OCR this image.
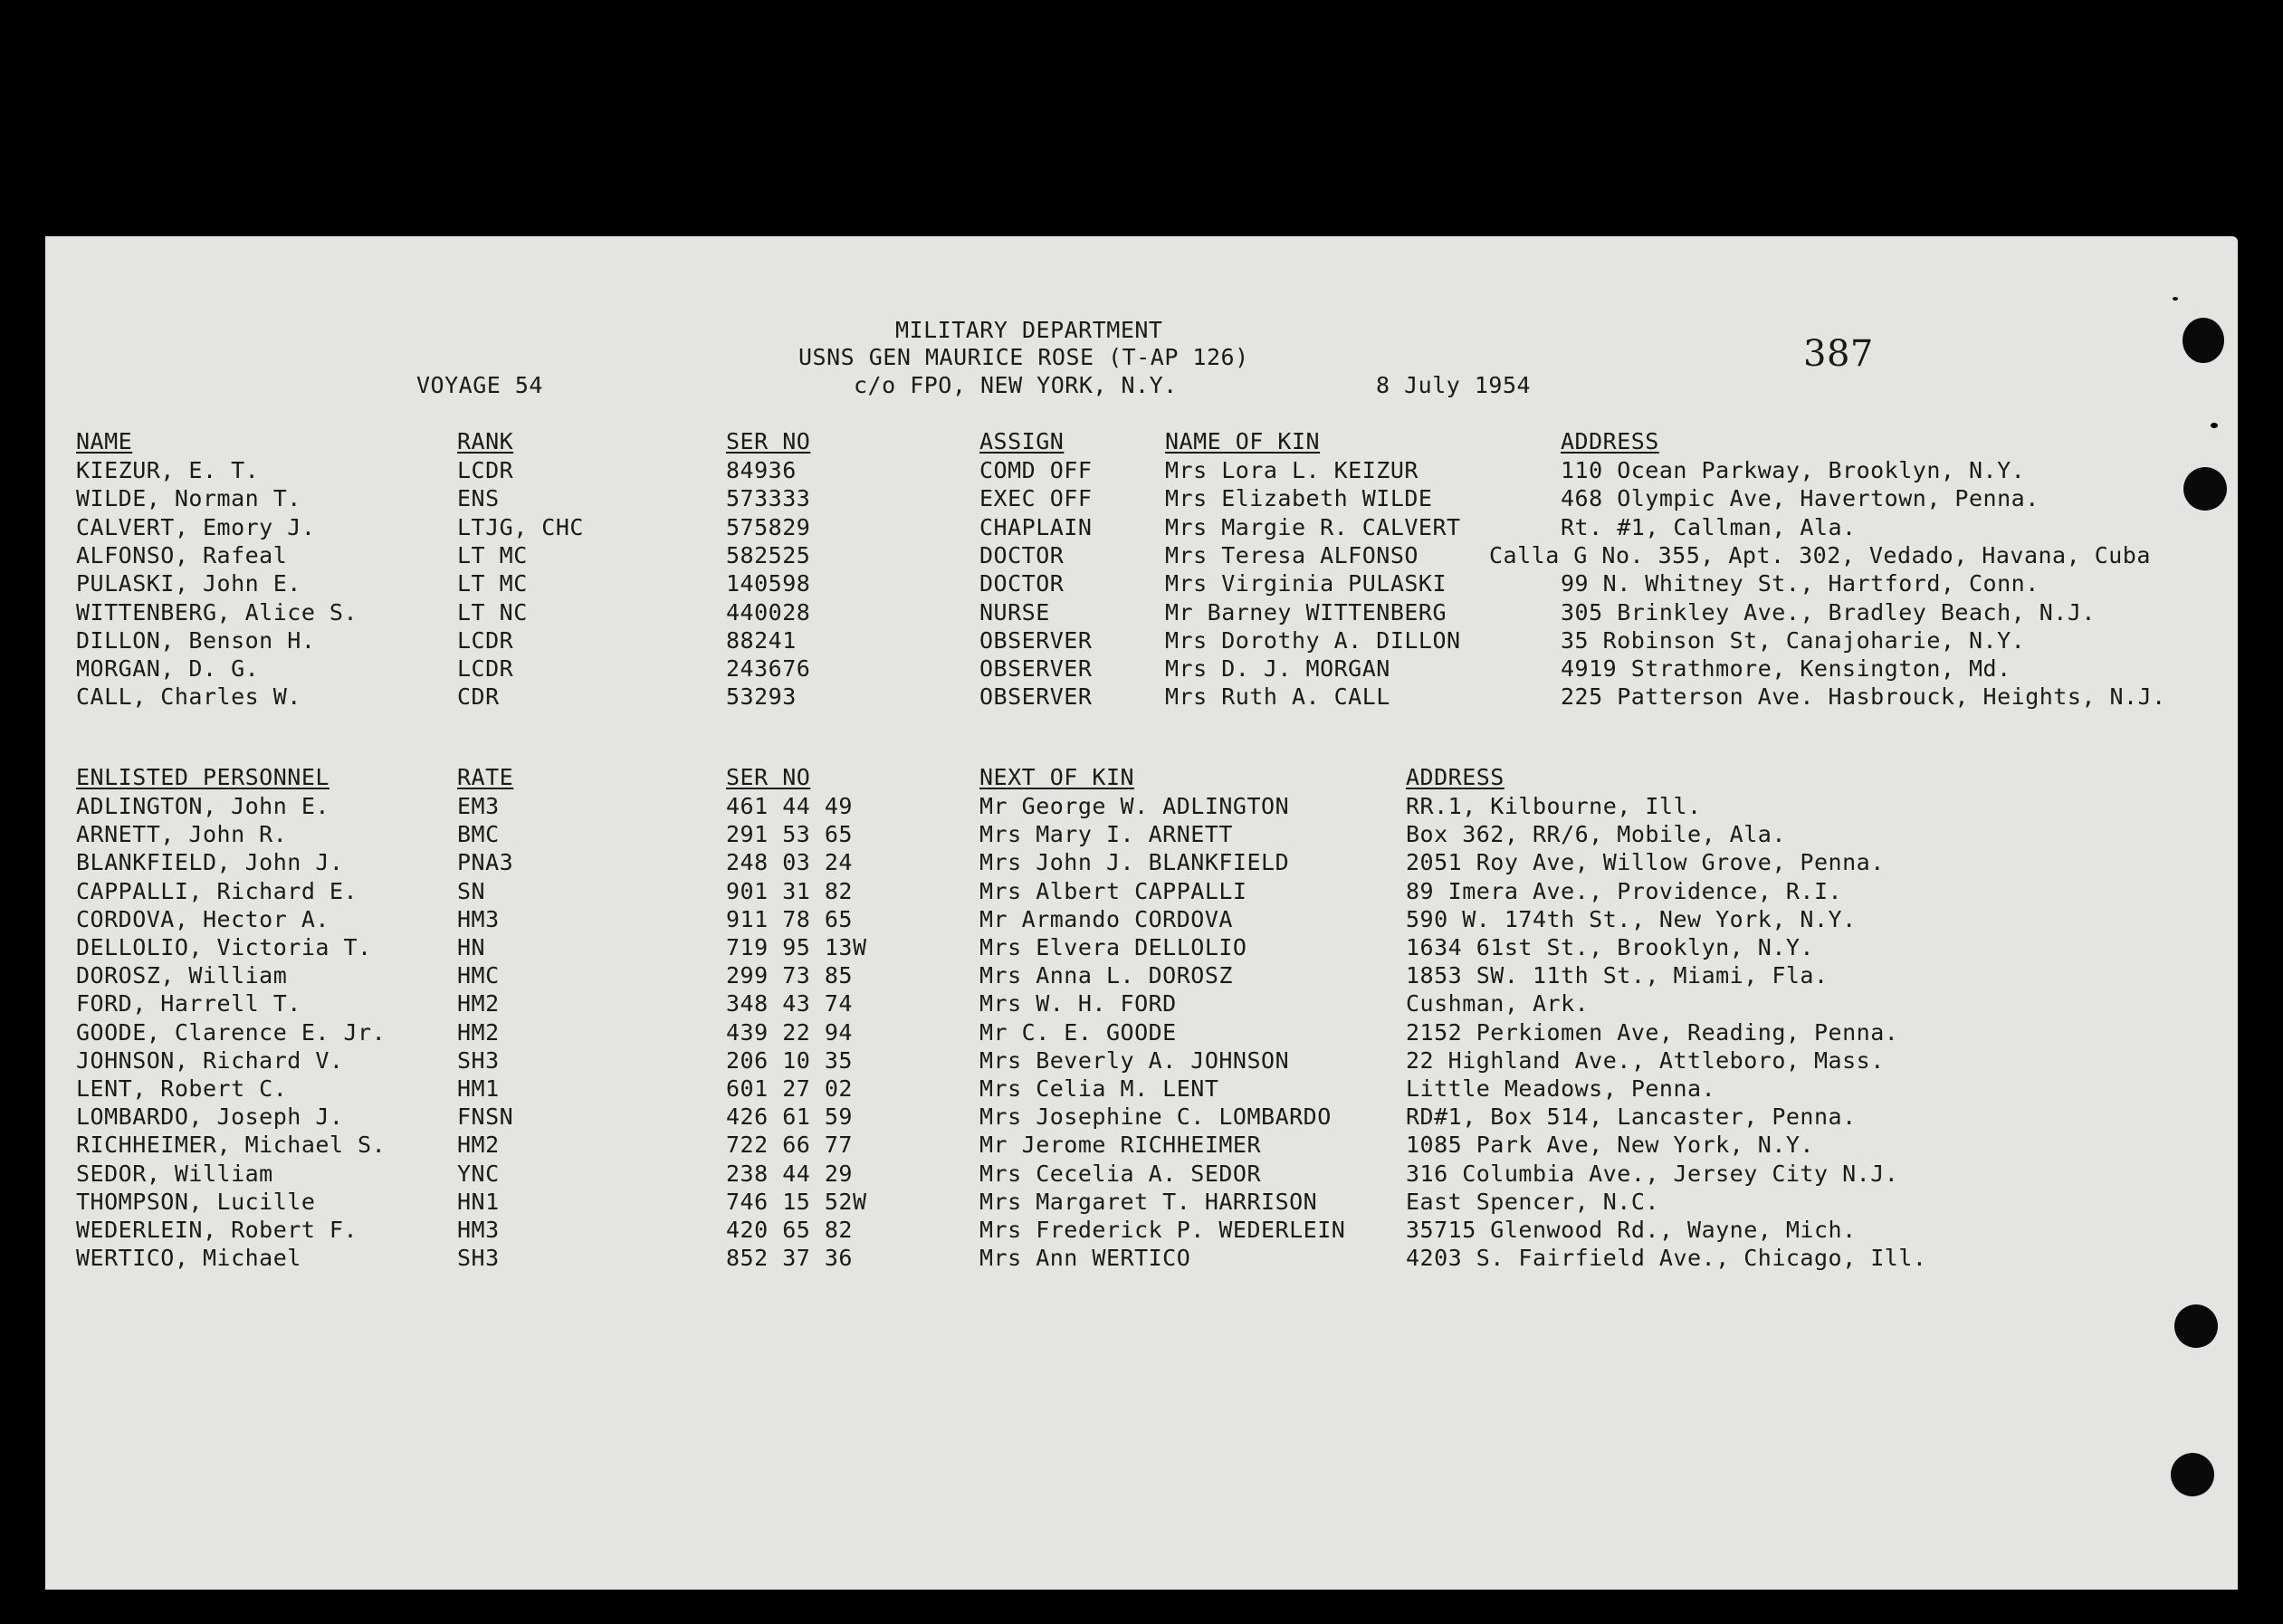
MILITARY DEPARTMENT
USNS GEN MAURICE ROSE (T-AP 126)
VOYAGE 54	c/o FPO, NEW YORK, N.Y.	8 July 1954
387
NAME	RANK	SER NO	ASSIGN	NAME OF KIN	ADDRESS
KIEZUR, E. T.	LCDR	84936	COMD OFF	Mrs Lora L. KEIZUR	110 Ocean Parkway, Brooklyn, N.Y.
WILDE, Norman T.	ENS	573333	EXEC OFF	Mrs Elizabeth WILDE	468 Olympic Ave, Havertown, Penna.
CALVERT, Emory J.	LTJG, CHC	575829	CHAPLAIN	Mrs Margie R. CALVERT	Rt. #1, Callman, Ala.
ALFONSO, Rafeal	LT MC	582525	DOCTOR	Mrs Teresa ALFONSO	Calla G No. 355, Apt. 302, Vedado, Havana, Cuba
PULASKI, John E.	LT MC	140598	DOCTOR	Mrs Virginia PULASKI	99 N. Whitney St., Hartford, Conn.
WITTENBERG, Alice S.	LT NC	440028	NURSE	Mr Barney WITTENBERG	305 Brinkley Ave., Bradley Beach, N.J.
DILLON, Benson H.	LCDR	88241	OBSERVER	Mrs Dorothy A. DILLON	35 Robinson St, Canajoharie, N.Y.
MORGAN, D. G.	LCDR	243676	OBSERVER	Mrs D. J. MORGAN	4919 Strathmore, Kensington, Md.
CALL, Charles W.	CDR	53293	OBSERVER	Mrs Ruth A. CALL	225 Patterson Ave. Hasbrouck, Heights, N.J.
ENLISTED PERSONNEL	RATE	SER NO	NEXT OF KIN	ADDRESS
ADLINGTON, John E.	EM3	461 44 49	Mr George W. ADLINGTON	RR.1, Kilbourne, Ill.
ARNETT, John R.	BMC	291 53 65	Mrs Mary I. ARNETT	Box 362, RR/6, Mobile, Ala.
BLANKFIELD, John J.	PNA3	248 03 24	Mrs John J. BLANKFIELD	2051 Roy Ave, Willow Grove, Penna.
CAPPALLI, Richard E.	SN	901 31 82	Mrs Albert CAPPALLI	89 Imera Ave., Providence, R.I.
CORDOVA, Hector A.	HM3	911 78 65	Mr Armando CORDOVA	590 W. 174th St., New York, N.Y.
DELLOLIO, Victoria T.	HN	719 95 13W	Mrs Elvera DELLOLIO	1634 61st St., Brooklyn, N.Y.
DOROSZ, William	HMC	299 73 85	Mrs Anna L. DOROSZ	1853 SW. 11th St., Miami, Fla.
FORD, Harrell T.	HM2	348 43 74	Mrs W. H. FORD	Cushman, Ark.
GOODE, Clarence E. Jr.	HM2	439 22 94	Mr C. E. GOODE	2152 Perkiomen Ave, Reading, Penna.
JOHNSON, Richard V.	SH3	206 10 35	Mrs Beverly A. JOHNSON	22 Highland Ave., Attleboro, Mass.
LENT, Robert C.	HM1	601 27 02	Mrs Celia M. LENT	Little Meadows, Penna.
LOMBARDO, Joseph J.	FNSN	426 61 59	Mrs Josephine C. LOMBARDO	RD#1, Box 514, Lancaster, Penna.
RICHHEIMER, Michael S.	HM2	722 66 77	Mr Jerome RICHHEIMER	1085 Park Ave, New York, N.Y.
SEDOR, William	YNC	238 44 29	Mrs Cecelia A. SEDOR	316 Columbia Ave., Jersey City N.J.
THOMPSON, Lucille	HN1	746 15 52W	Mrs Margaret T. HARRISON	East Spencer, N.C.
WEDERLEIN, Robert F.	HM3	420 65 82	Mrs Frederick P. WEDERLEIN	35715 Glenwood Rd., Wayne, Mich.
WERTICO, Michael	SH3	852 37 36	Mrs Ann WERTICO	4203 S. Fairfield Ave., Chicago, Ill.
